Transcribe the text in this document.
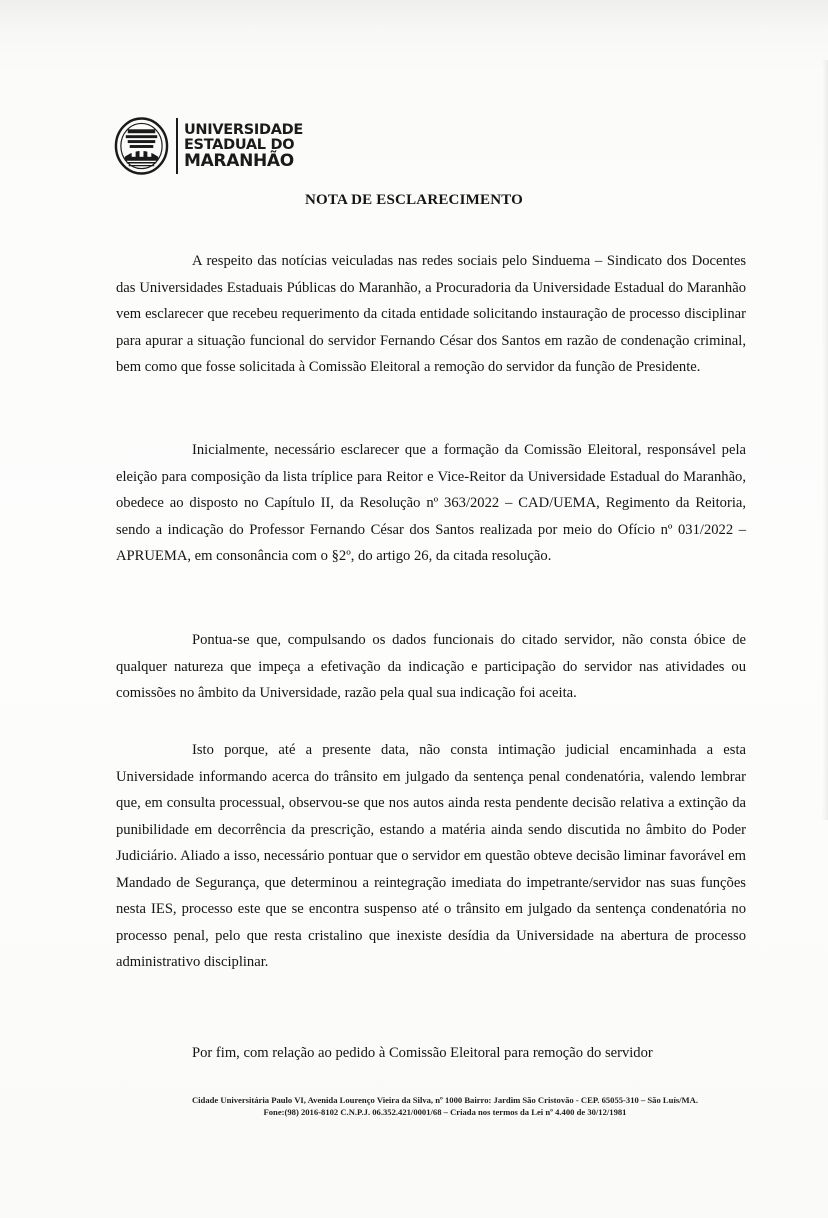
UNIVERSIDADE
ESTADUAL DO
MARANHÃO
NOTA DE ESCLARECIMENTO

A respeito das notícias veiculadas nas redes sociais pelo Sinduema – Sindicato dos Docentes das Universidades Estaduais Públicas do Maranhão, a Procuradoria da Universidade Estadual do Maranhão vem esclarecer que recebeu requerimento da citada entidade solicitando instauração de processo disciplinar para apurar a situação funcional do servidor Fernando César dos Santos em razão de condenação criminal, bem como que fosse solicitada à Comissão Eleitoral a remoção do servidor da função de Presidente.

Inicialmente, necessário esclarecer que a formação da Comissão Eleitoral, responsável pela eleição para composição da lista tríplice para Reitor e Vice-Reitor da Universidade Estadual do Maranhão, obedece ao disposto no Capítulo II, da Resolução nº 363/2022 – CAD/UEMA, Regimento da Reitoria, sendo a indicação do Professor Fernando César dos Santos realizada por meio do Ofício nº 031/2022 – APRUEMA, em consonância com o §2º, do artigo 26, da citada resolução.

Pontua-se que, compulsando os dados funcionais do citado servidor, não consta óbice de qualquer natureza que impeça a efetivação da indicação e participação do servidor nas atividades ou comissões no âmbito da Universidade, razão pela qual sua indicação foi aceita.

Isto porque, até a presente data, não consta intimação judicial encaminhada a esta Universidade informando acerca do trânsito em julgado da sentença penal condenatória, valendo lembrar que, em consulta processual, observou-se que nos autos ainda resta pendente decisão relativa a extinção da punibilidade em decorrência da prescrição, estando a matéria ainda sendo discutida no âmbito do Poder Judiciário. Aliado a isso, necessário pontuar que o servidor em questão obteve decisão liminar favorável em Mandado de Segurança, que determinou a reintegração imediata do impetrante/servidor nas suas funções nesta IES, processo este que se encontra suspenso até o trânsito em julgado da sentença condenatória no processo penal, pelo que resta cristalino que inexiste desídia da Universidade na abertura de processo administrativo disciplinar.

Por fim, com relação ao pedido à Comissão Eleitoral para remoção do servidor

Cidade Universitária Paulo VI, Avenida Lourenço Vieira da Silva, nº 1000 Bairro: Jardim São Cristovão - CEP. 65055-310 – São Luís/MA.
Fone:(98) 2016-8102 C.N.P.J. 06.352.421/0001/68 – Criada nos termos da Lei nº 4.400 de 30/12/1981
